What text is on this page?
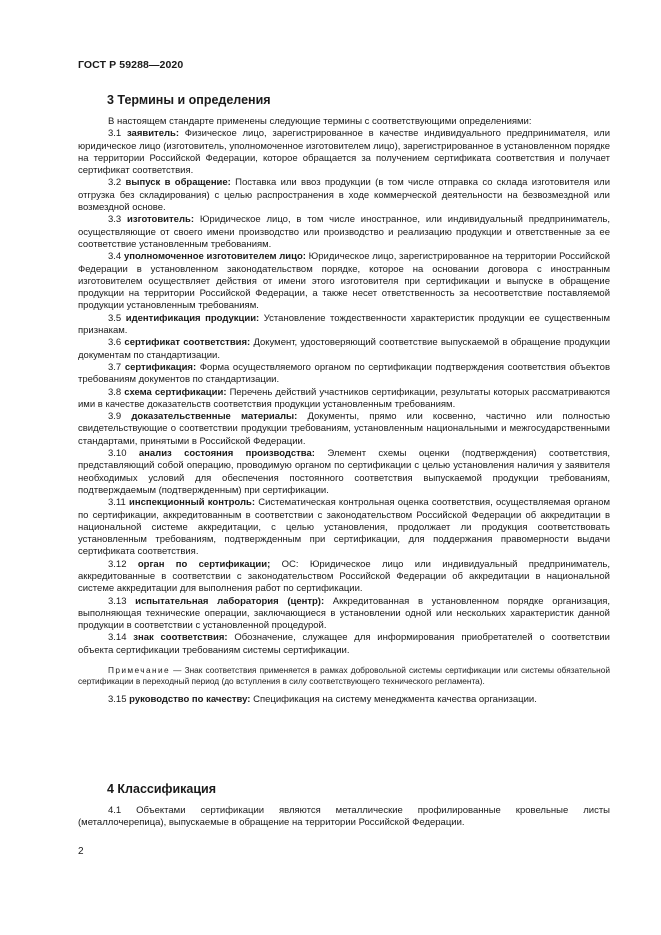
ГОСТ Р 59288—2020
3 Термины и определения

В настоящем стандарте применены следующие термины с соответствующими определениями:

3.1 заявитель: Физическое лицо, зарегистрированное в качестве индивидуального предпринимателя, или юридическое лицо (изготовитель, уполномоченное изготовителем лицо), зарегистрированное в установленном порядке на территории Российской Федерации, которое обращается за получением сертификата соответствия и получает сертификат соответствия.

3.2 выпуск в обращение: Поставка или ввоз продукции (в том числе отправка со склада изготовителя или отгрузка без складирования) с целью распространения в ходе коммерческой деятельности на безвозмездной или возмездной основе.

3.3 изготовитель: Юридическое лицо, в том числе иностранное, или индивидуальный предприниматель, осуществляющие от своего имени производство или производство и реализацию продукции и ответственные за ее соответствие установленным требованиям.

3.4 уполномоченное изготовителем лицо: Юридическое лицо, зарегистрированное на территории Российской Федерации в установленном законодательством порядке, которое на основании договора с иностранным изготовителем осуществляет действия от имени этого изготовителя при сертификации и выпуске в обращение продукции на территории Российской Федерации, а также несет ответственность за несоответствие поставляемой продукции установленным требованиям.

3.5 идентификация продукции: Установление тождественности характеристик продукции ее существенным признакам.

3.6 сертификат соответствия: Документ, удостоверяющий соответствие выпускаемой в обращение продукции документам по стандартизации.

3.7 сертификация: Форма осуществляемого органом по сертификации подтверждения соответствия объектов требованиям документов по стандартизации.

3.8 схема сертификации: Перечень действий участников сертификации, результаты которых рассматриваются ими в качестве доказательств соответствия продукции установленным требованиям.

3.9 доказательственные материалы: Документы, прямо или косвенно, частично или полностью свидетельствующие о соответствии продукции требованиям, установленным национальными и межгосударственными стандартами, принятыми в Российской Федерации.

3.10 анализ состояния производства: Элемент схемы оценки (подтверждения) соответствия, представляющий собой операцию, проводимую органом по сертификации с целью установления наличия у заявителя необходимых условий для обеспечения постоянного соответствия выпускаемой продукции требованиям, подтверждаемым (подтвержденным) при сертификации.

3.11 инспекционный контроль: Систематическая контрольная оценка соответствия, осуществляемая органом по сертификации, аккредитованным в соответствии с законодательством Российской Федерации об аккредитации в национальной системе аккредитации, с целью установления, продолжает ли продукция соответствовать установленным требованиям, подтвержденным при сертификации, для поддержания правомерности выдачи сертификата соответствия.

3.12 орган по сертификации; ОС: Юридическое лицо или индивидуальный предприниматель, аккредитованные в соответствии с законодательством Российской Федерации об аккредитации в национальной системе аккредитации для выполнения работ по сертификации.

3.13 испытательная лаборатория (центр): Аккредитованная в установленном порядке организация, выполняющая технические операции, заключающиеся в установлении одной или нескольких характеристик данной продукции в соответствии с установленной процедурой.

3.14 знак соответствия: Обозначение, служащее для информирования приобретателей о соответствии объекта сертификации требованиям системы сертификации.

Примечание — Знак соответствия применяется в рамках добровольной системы сертификации или системы обязательной сертификации в переходный период (до вступления в силу соответствующего технического регламента).

3.15 руководство по качеству: Спецификация на систему менеджмента качества организации.

4 Классификация

4.1 Объектами сертификации являются металлические профилированные кровельные листы (металлочерепица), выпускаемые в обращение на территории Российской Федерации.

2
